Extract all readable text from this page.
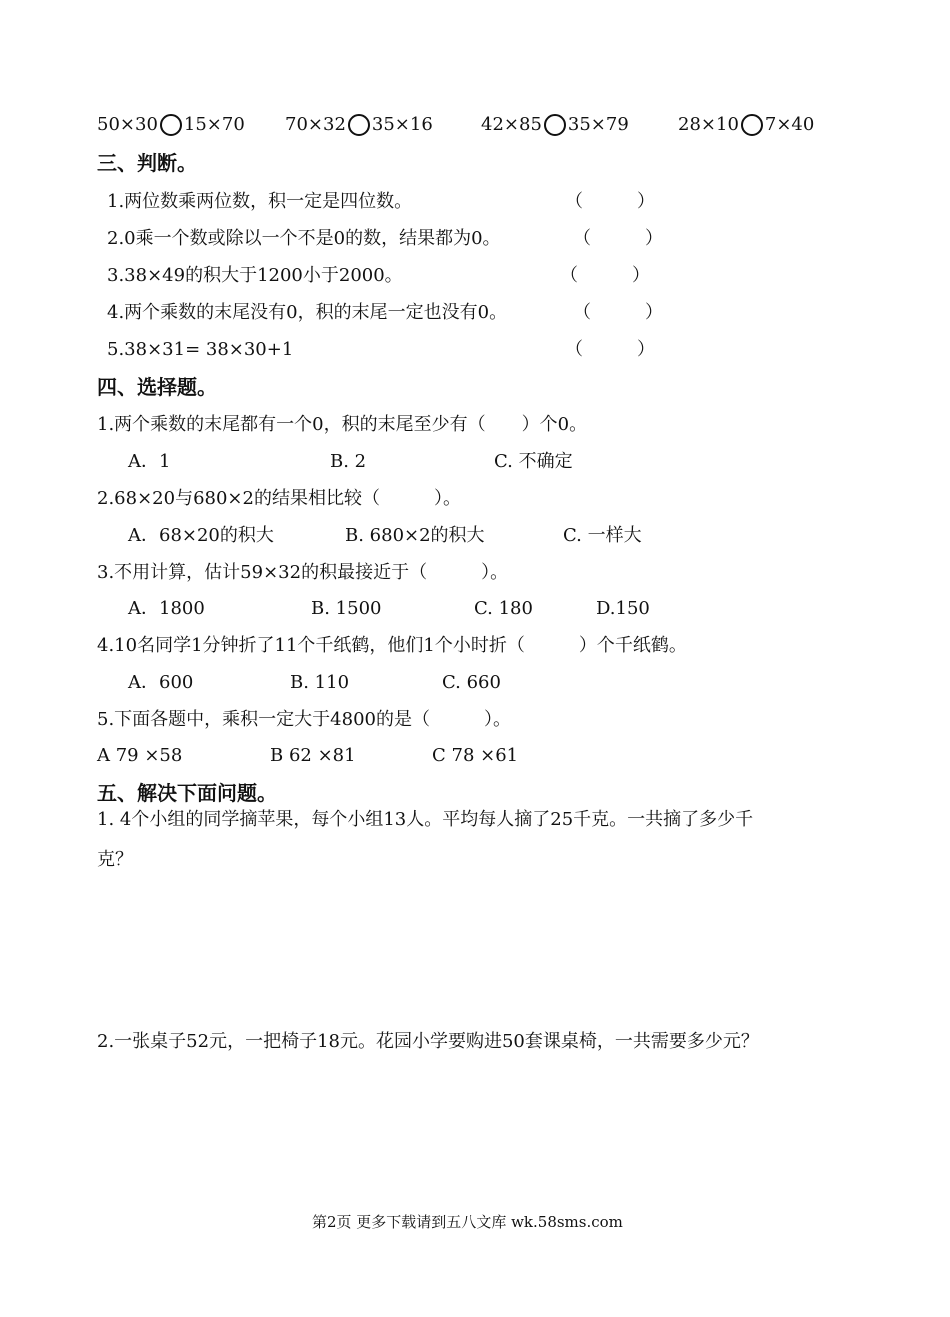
50×30 15×70 70×32 35×16	42×85 35×79	28×10 7×40
三、判断。
1.两位数乘两位数，积一定是四位数。	（　　　）
2.0乘一个数或除以一个不是0的数，结果都为0。	（　　　）
3.38×49的积大于1200小于2000。	（　　　）
4.两个乘数的末尾没有0，积的末尾一定也没有0。	（　　　）
5.38×31= 38×30+1	（　　　）
四、选择题。
1.两个乘数的末尾都有一个0，积的末尾至少有（　　）个0。
A．1	B. 2	C. 不确定
2.68×20与680×2的结果相比较（　　　）。
A．68×20的积大	B. 680×2的积大	C. 一样大
3.不用计算，估计59×32的积最接近于（　　　）。
A．1800	B. 1500	C. 180	D.150
4.10名同学1分钟折了11个千纸鹤，他们1个小时折（　　　）个千纸鹤。
A．600	B. 110	C. 660
5.下面各题中，乘积一定大于4800的是（　　　）。
A 79 ×58	B 62 ×81	C 78 ×61
五、解决下面问题。
1. 4个小组的同学摘苹果，每个小组13人。平均每人摘了25千克。一共摘了多少千
克？
2.一张桌子52元，一把椅子18元。花园小学要购进50套课桌椅，一共需要多少元？
第2页 更多下载请到五八文库 wk.58sms.com
